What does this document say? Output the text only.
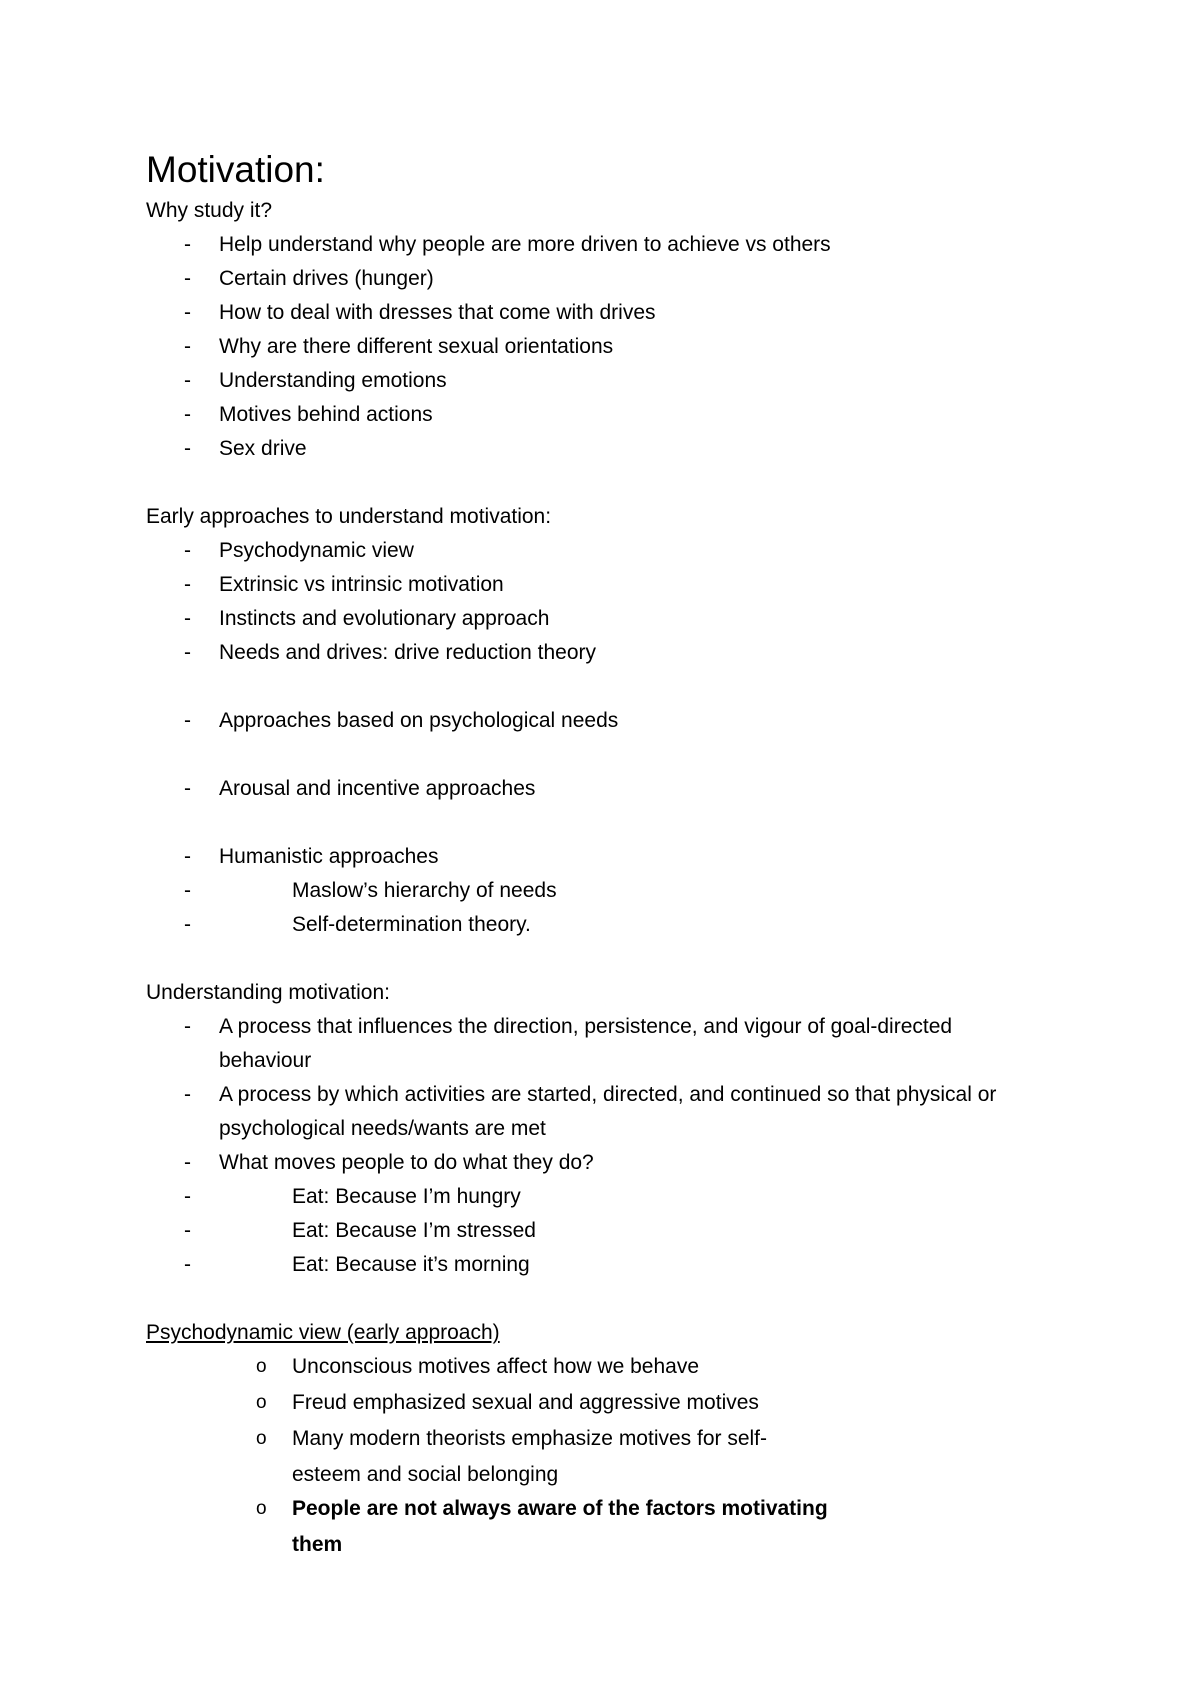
Motivation:
Why study it?
- Help understand why people are more driven to achieve vs others
- Certain drives (hunger)
- How to deal with dresses that come with drives
- Why are there different sexual orientations
- Understanding emotions
- Motives behind actions
- Sex drive
Early approaches to understand motivation:
- Psychodynamic view
- Extrinsic vs intrinsic motivation
- Instincts and evolutionary approach
- Needs and drives: drive reduction theory
- Approaches based on psychological needs
- Arousal and incentive approaches
- Humanistic approaches
-	Maslow’s hierarchy of needs
-	Self-determination theory.
Understanding motivation:
- A process that influences the direction, persistence, and vigour of goal-directed
behaviour
- A process by which activities are started, directed, and continued so that physical or
psychological needs/wants are met
- What moves people to do what they do?
-	Eat: Because I’m hungry
-	Eat: Because I’m stressed
-	Eat: Because it’s morning
Psychodynamic view (early approach)
o Unconscious motives affect how we behave
o Freud emphasized sexual and aggressive motives
o Many modern theorists emphasize motives for self-
esteem and social belonging
o People are not always aware of the factors motivating
them
